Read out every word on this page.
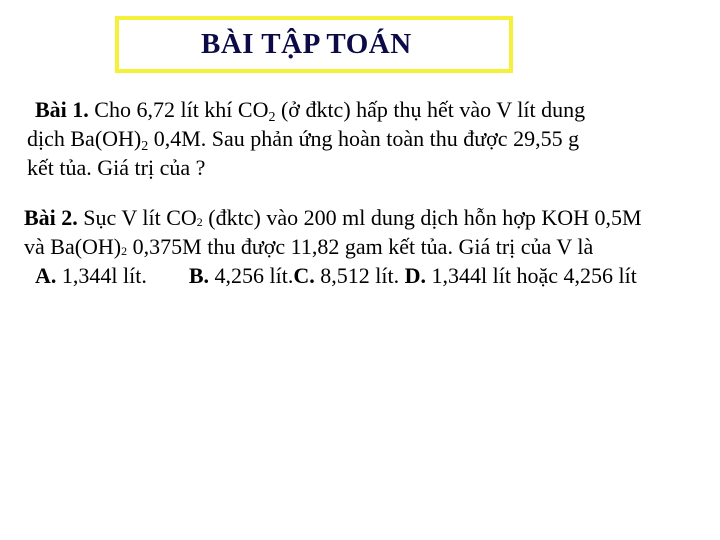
BÀI TẬP TOÁN
Bài 1. Cho 6,72 lít khí $CO_2$ (ở đktc) hấp thụ hết vào V lít dung
dịch $Ba(OH)_2$ 0,4M. Sau phản ứng hoàn toàn thu được 29,55 g
kết tủa. Giá trị của ?
Bài 2. Sục V lít $CO_2$ (đktc) vào 200 ml dung dịch hỗn hợp KOH 0,5M
và $Ba(OH)_2$ 0,375M thu được 11,82 gam kết tủa. Giá trị của V là
A. 1,344l lít. B. 4,256 lít.C. 8,512 lít. D. 1,344l lít hoặc 4,256 lít
